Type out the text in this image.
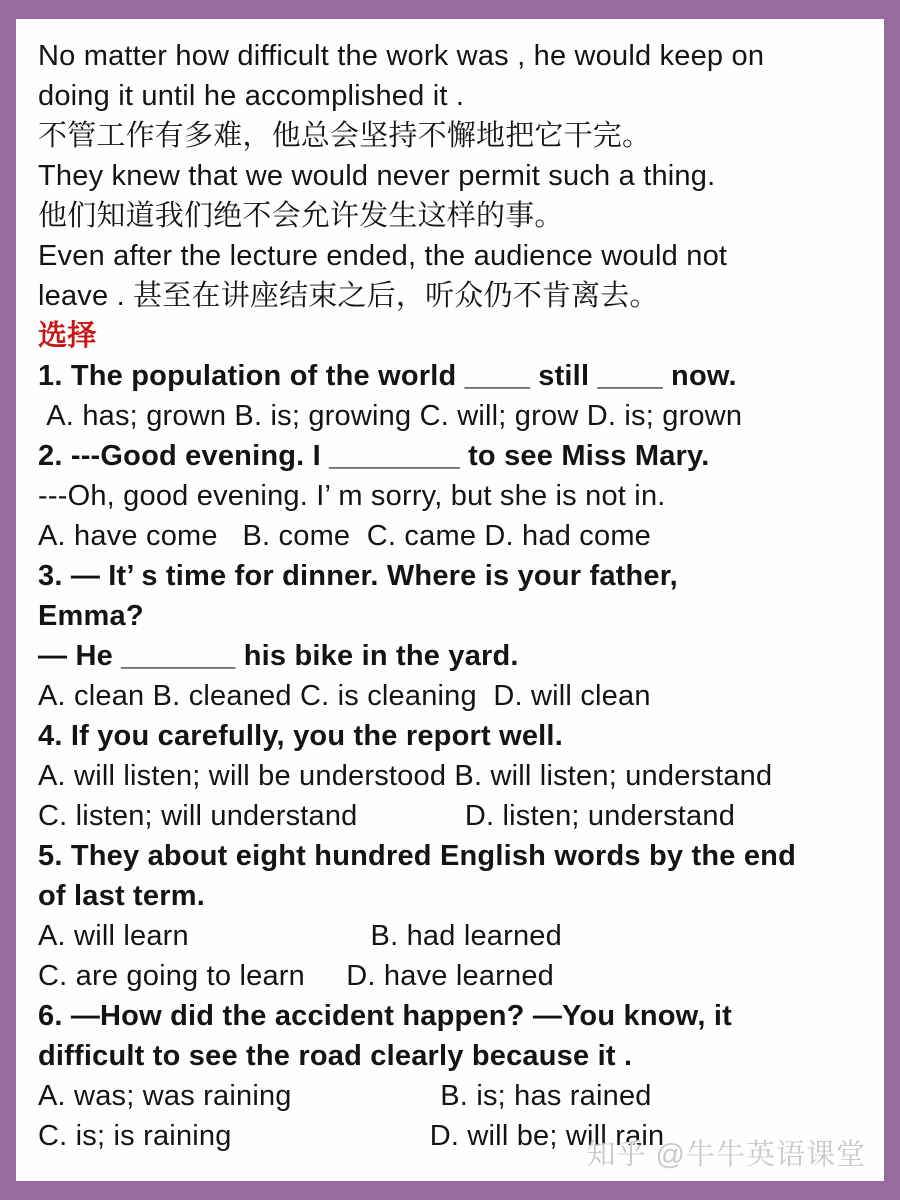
No matter how difficult the work was , he would keep on
doing it until he accomplished it .
不管工作有多难，他总会坚持不懈地把它干完。
They knew that we would never permit such a thing.
他们知道我们绝不会允许发生这样的事。
Even after the lecture ended, the audience would not
leave . 甚至在讲座结束之后，听众仍不肯离去。
选择
1. The population of the world ____ still ____ now.
A. has; grown B. is; growing C. will; grow D. is; grown
2. ---Good evening. I ________ to see Miss Mary.
---Oh, good evening. I’ m sorry, but she is not in.
A. have come   B. come  C. came D. had come
3. — It’ s time for dinner. Where is your father,
Emma?
— He _______ his bike in the yard.
A. clean B. cleaned C. is cleaning  D. will clean
4. If you carefully, you the report well.
A. will listen; will be understood B. will listen; understand
C. listen; will understand             D. listen; understand
5. They about eight hundred English words by the end
of last term.
A. will learn                      B. had learned
C. are going to learn     D. have learned
6. —How did the accident happen? —You know, it
difficult to see the road clearly because it .
A. was; was raining                  B. is; has rained
C. is; is raining                        D. will be; will rain
知乎 @牛牛英语课堂
